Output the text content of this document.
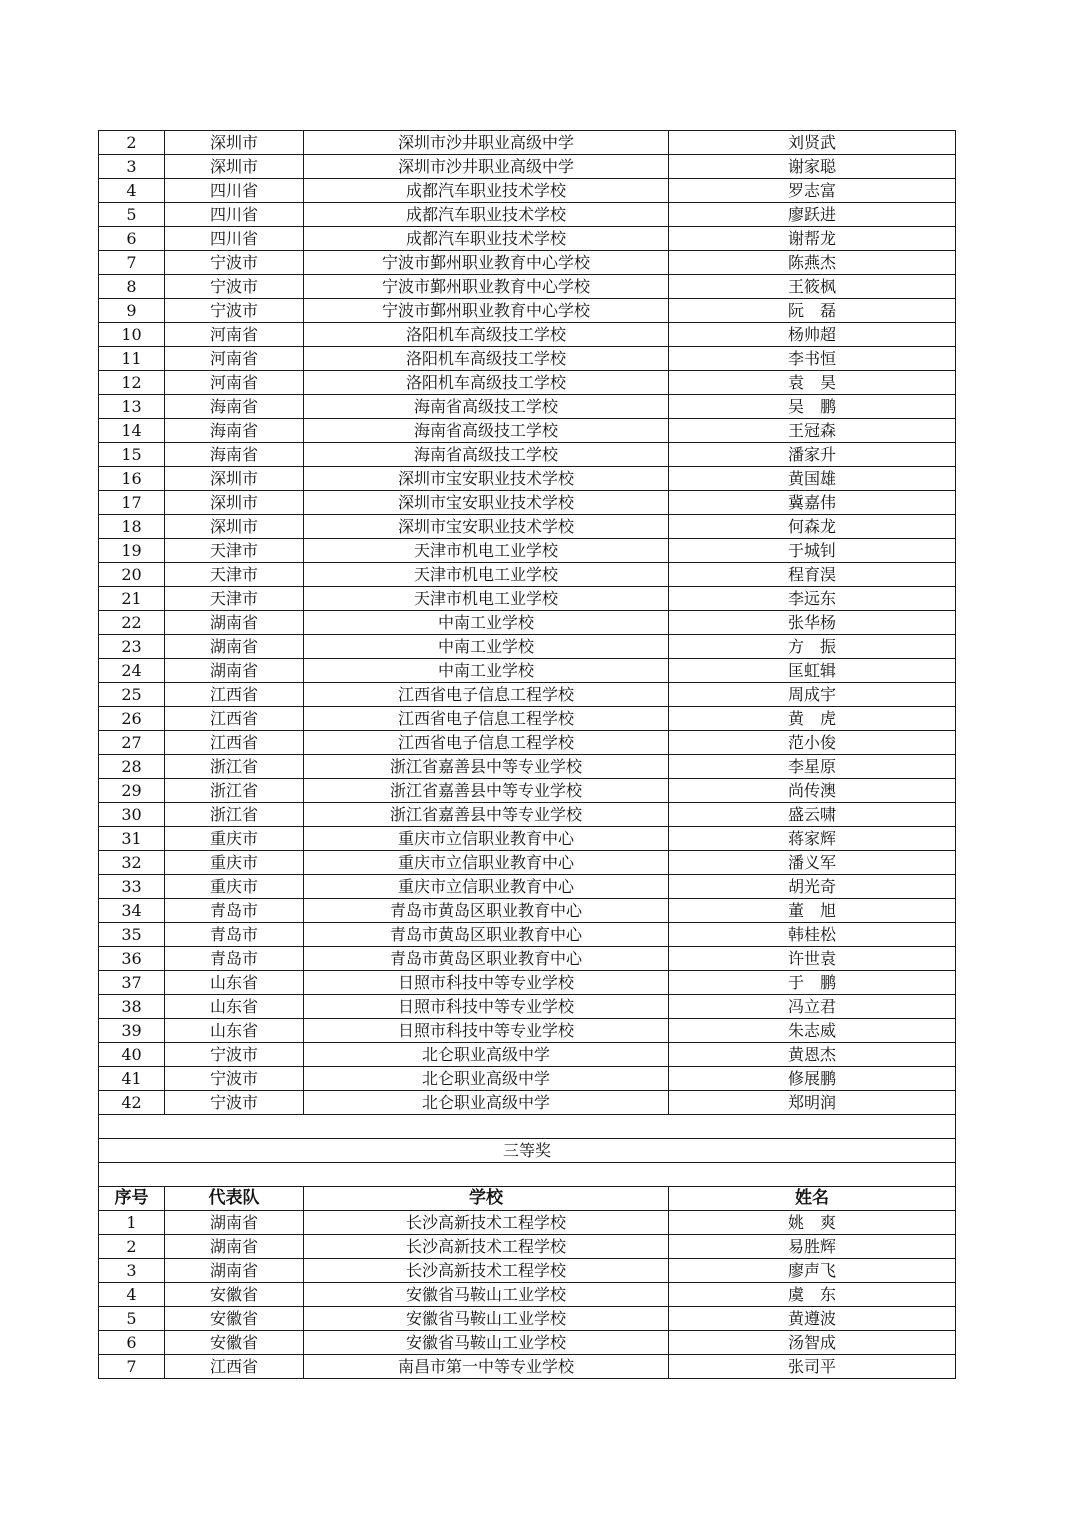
2	深圳市	深圳市沙井职业高级中学	刘贤武
3	深圳市	深圳市沙井职业高级中学	谢家聪
4	四川省	成都汽车职业技术学校	罗志富
5	四川省	成都汽车职业技术学校	廖跃进
6	四川省	成都汽车职业技术学校	谢帮龙
7	宁波市	宁波市鄞州职业教育中心学校	陈燕杰
8	宁波市	宁波市鄞州职业教育中心学校	王筱枫
9	宁波市	宁波市鄞州职业教育中心学校	阮　磊
10	河南省	洛阳机车高级技工学校	杨帅超
11	河南省	洛阳机车高级技工学校	李书恒
12	河南省	洛阳机车高级技工学校	袁　昊
13	海南省	海南省高级技工学校	吴　鹏
14	海南省	海南省高级技工学校	王冠森
15	海南省	海南省高级技工学校	潘家升
16	深圳市	深圳市宝安职业技术学校	黄国雄
17	深圳市	深圳市宝安职业技术学校	冀嘉伟
18	深圳市	深圳市宝安职业技术学校	何森龙
19	天津市	天津市机电工业学校	于城钊
20	天津市	天津市机电工业学校	程育淏
21	天津市	天津市机电工业学校	李远东
22	湖南省	中南工业学校	张华杨
23	湖南省	中南工业学校	方　振
24	湖南省	中南工业学校	匡虹辑
25	江西省	江西省电子信息工程学校	周成宇
26	江西省	江西省电子信息工程学校	黄　虎
27	江西省	江西省电子信息工程学校	范小俊
28	浙江省	浙江省嘉善县中等专业学校	李星原
29	浙江省	浙江省嘉善县中等专业学校	尚传澳
30	浙江省	浙江省嘉善县中等专业学校	盛云啸
31	重庆市	重庆市立信职业教育中心	蒋家辉
32	重庆市	重庆市立信职业教育中心	潘义军
33	重庆市	重庆市立信职业教育中心	胡光奇
34	青岛市	青岛市黄岛区职业教育中心	董　旭
35	青岛市	青岛市黄岛区职业教育中心	韩桂松
36	青岛市	青岛市黄岛区职业教育中心	许世袁
37	山东省	日照市科技中等专业学校	于　鹏
38	山东省	日照市科技中等专业学校	冯立君
39	山东省	日照市科技中等专业学校	朱志威
40	宁波市	北仑职业高级中学	黄恩杰
41	宁波市	北仑职业高级中学	修展鹏
42	宁波市	北仑职业高级中学	郑明润

三等奖			

序号	代表队	学校	姓名
1	湖南省	长沙高新技术工程学校	姚　爽
2	湖南省	长沙高新技术工程学校	易胜辉
3	湖南省	长沙高新技术工程学校	廖声飞
4	安徽省	安徽省马鞍山工业学校	虞　东
5	安徽省	安徽省马鞍山工业学校	黄遵波
6	安徽省	安徽省马鞍山工业学校	汤智成
7	江西省	南昌市第一中等专业学校	张司平
